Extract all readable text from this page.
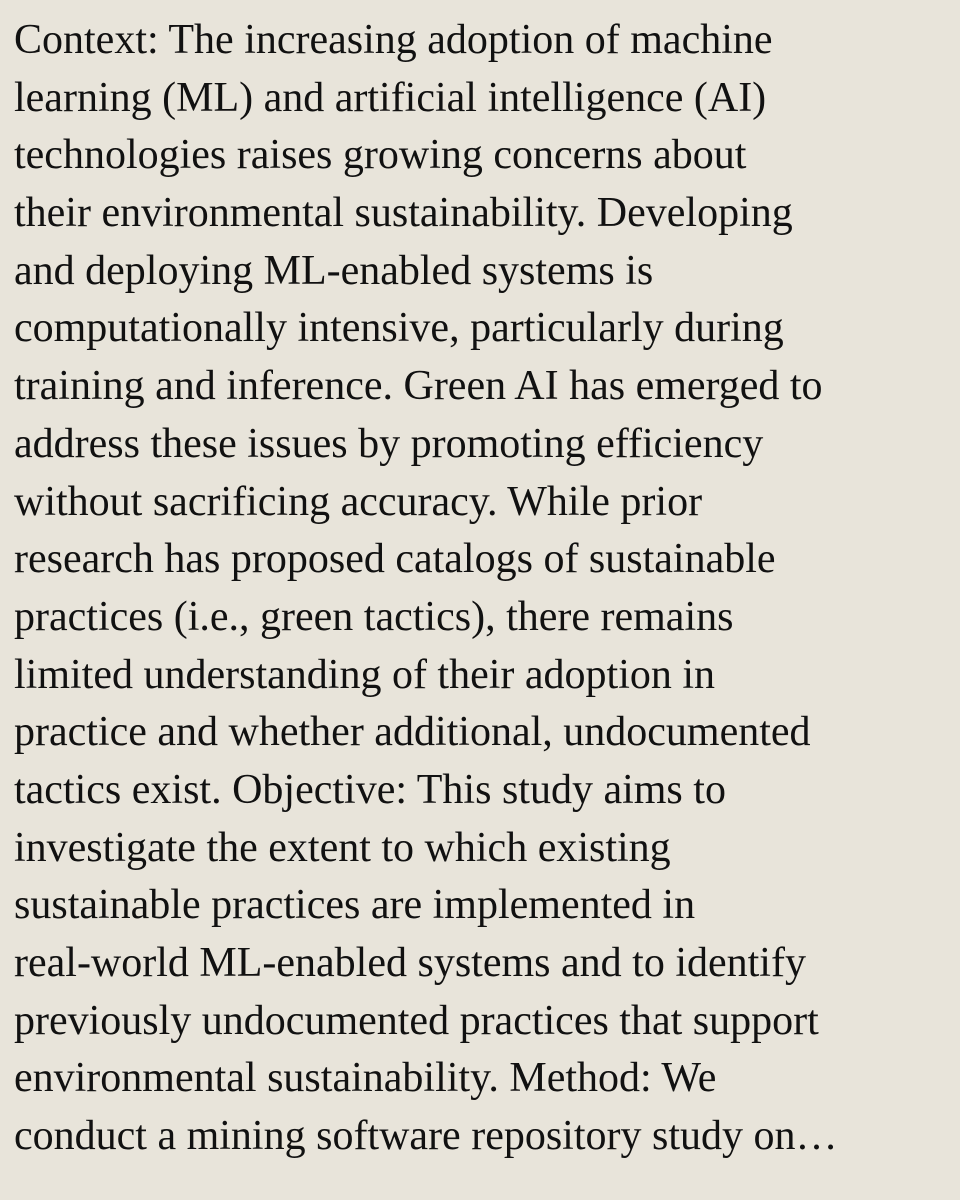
Context: The increasing adoption of machine
learning (ML) and artificial intelligence (AI)
technologies raises growing concerns about
their environmental sustainability. Developing
and deploying ML-enabled systems is
computationally intensive, particularly during
training and inference. Green AI has emerged to
address these issues by promoting efficiency
without sacrificing accuracy. While prior
research has proposed catalogs of sustainable
practices (i.e., green tactics), there remains
limited understanding of their adoption in
practice and whether additional, undocumented
tactics exist. Objective: This study aims to
investigate the extent to which existing
sustainable practices are implemented in
real-world ML-enabled systems and to identify
previously undocumented practices that support
environmental sustainability. Method: We
conduct a mining software repository study on…
